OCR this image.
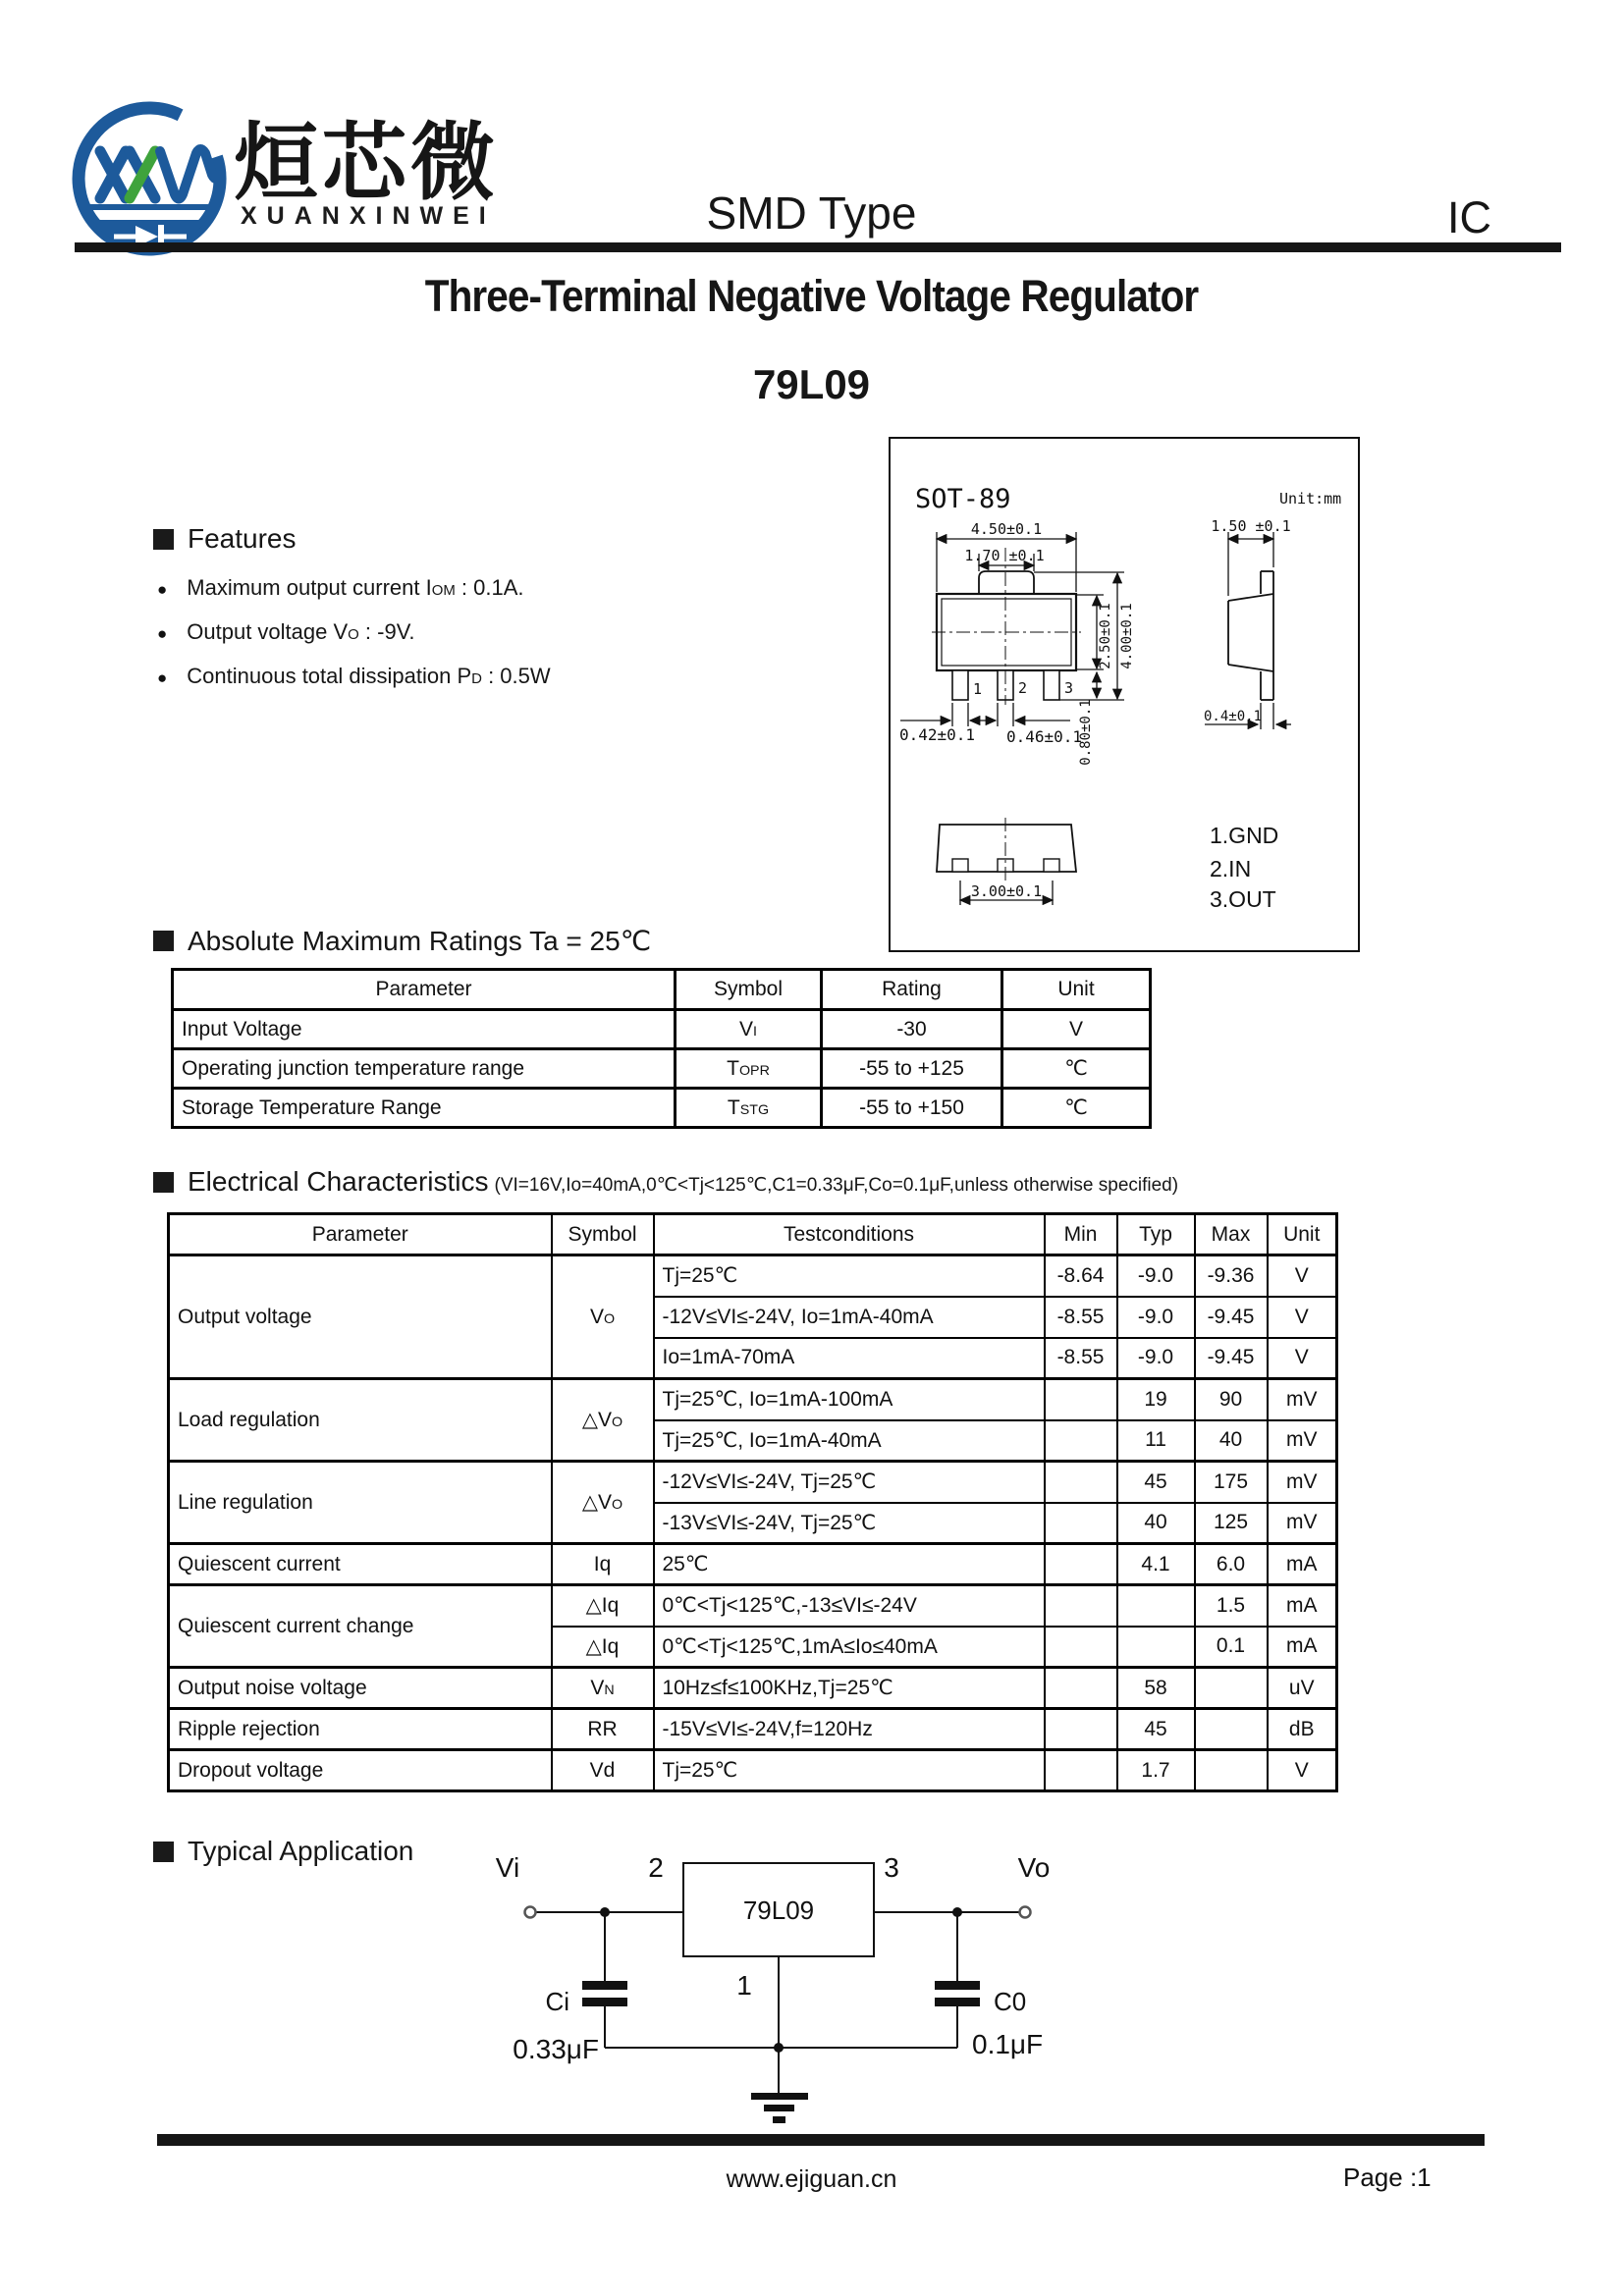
烜芯微
XUANXINWEI	SMD Type	IC
Three-Terminal Negative Voltage Regulator
79L09
Features
● Maximum output current IOM : 0.1A.
● Output voltage VO : -9V.
● Continuous total dissipation PD : 0.5W
SOT-89	Unit:mm
4.50±0.1
1.70 ±0.1
1 2	3
2.50±0.1 4.00±0.1
0.80±0.1
0.42±0.1 0.46±0.1
1.50 ±0.1
0.4±0.1
3.00±0.1
1.GND
2.IN
3.OUT
Absolute Maximum Ratings Ta = 25℃
Parameter	Symbol	Rating	Unit
Input Voltage	VI	-30	V
Operating junction temperature range	TOPR	-55 to +125	℃
Storage Temperature Range	TSTG	-55 to +150	℃
Electrical Characteristics (VI=16V,Io=40mA,0℃<Tj<125℃,C1=0.33μF,Co=0.1μF,unless otherwise specified)
Parameter	Symbol	Testconditions	Min	Typ	Max	Unit
Output voltage	VO	Tj=25℃	-8.64	-9.0	-9.36	V
		-12V≤VI≤-24V, Io=1mA-40mA	-8.55	-9.0	-9.45	V
		Io=1mA-70mA	-8.55	-9.0	-9.45	V
Load regulation	△VO	Tj=25℃, Io=1mA-100mA		19	90	mV
		Tj=25℃, Io=1mA-40mA		11	40	mV
Line regulation	△VO	-12V≤VI≤-24V, Tj=25℃		45	175	mV
		-13V≤VI≤-24V, Tj=25℃		40	125	mV
Quiescent current	Iq	25℃		4.1	6.0	mA
Quiescent current change	△Iq	0℃<Tj<125℃,-13≤VI≤-24V			1.5	mA
	△Iq	0℃<Tj<125℃,1mA≤Io≤40mA			0.1	mA
Output noise voltage	VN	10Hz≤f≤100KHz,Tj=25℃		58		uV
Ripple rejection	RR	-15V≤VI≤-24V,f=120Hz		45		dB
Dropout voltage	Vd	Tj=25℃		1.7		V
Typical Application
Vi	2	3	Vo
79L09
1
Ci
0.33μF
C0
0.1μF
www.ejiguan.cn	Page :1
